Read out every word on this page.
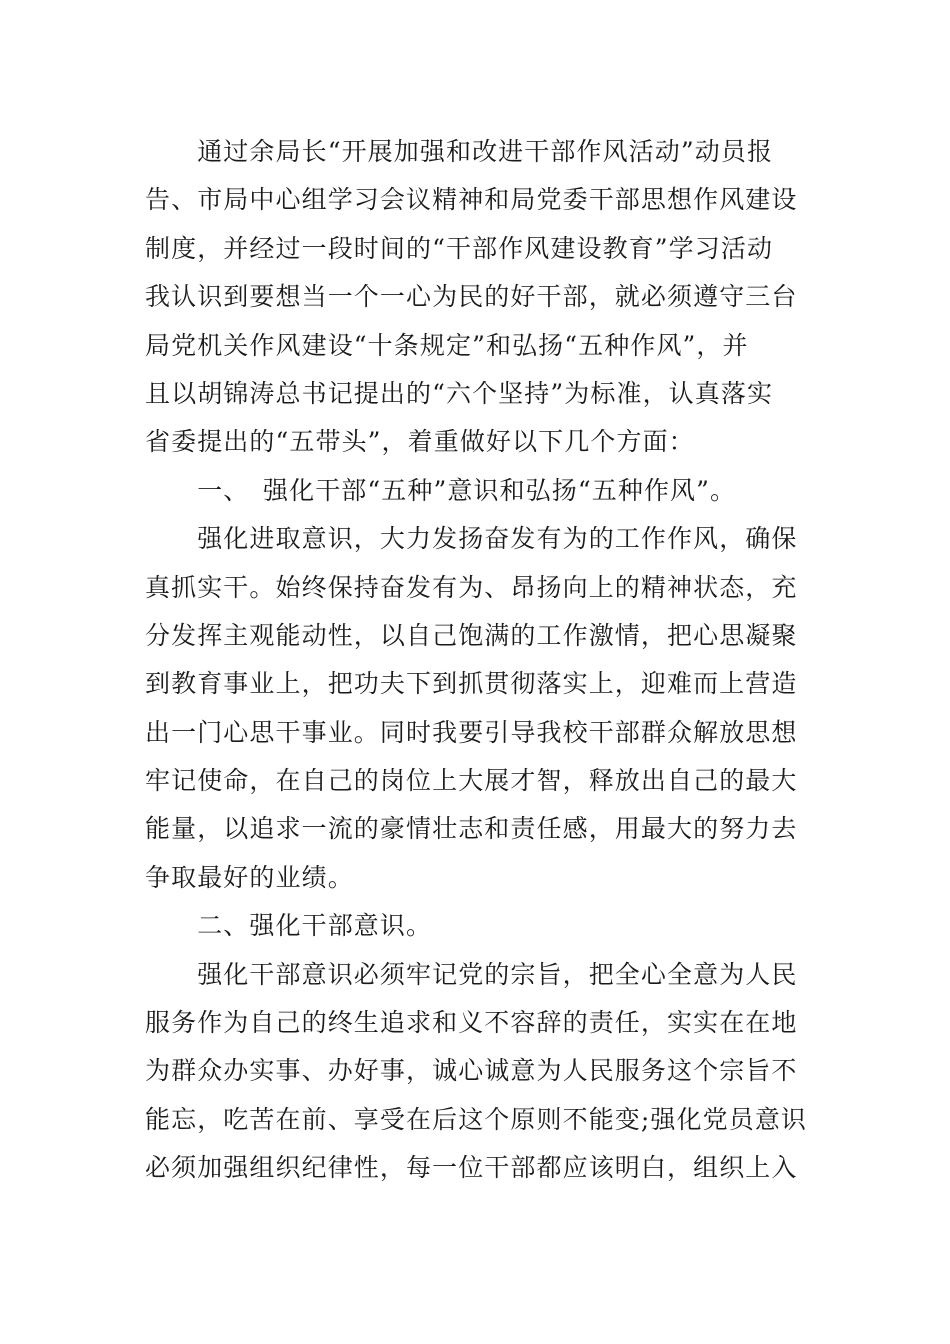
　　通过余局长“开展加强和改进干部作风活动”动员报
告、市局中心组学习会议精神和局党委干部思想作风建设
制度，并经过一段时间的“干部作风建设教育”学习活动
我认识到要想当一个一心为民的好干部，就必须遵守三台
局党机关作风建设“十条规定”和弘扬“五种作风”，并
且以胡锦涛总书记提出的“六个坚持”为标准，认真落实
省委提出的“五带头”，着重做好以下几个方面：
　　一、　强化干部“五种”意识和弘扬“五种作风”。
　　强化进取意识，大力发扬奋发有为的工作作风，确保
真抓实干。始终保持奋发有为、昂扬向上的精神状态，充
分发挥主观能动性，以自己饱满的工作激情，把心思凝聚
到教育事业上，把功夫下到抓贯彻落实上，迎难而上营造
出一门心思干事业。同时我要引导我校干部群众解放思想
牢记使命，在自己的岗位上大展才智，释放出自己的最大
能量，以追求一流的豪情壮志和责任感，用最大的努力去
争取最好的业绩。
　　二、强化干部意识。
　　强化干部意识必须牢记党的宗旨，把全心全意为人民
服务作为自己的终生追求和义不容辞的责任，实实在在地
为群众办实事、办好事，诚心诚意为人民服务这个宗旨不
能忘，吃苦在前、享受在后这个原则不能变;强化党员意识
必须加强组织纪律性，每一位干部都应该明白，组织上入
